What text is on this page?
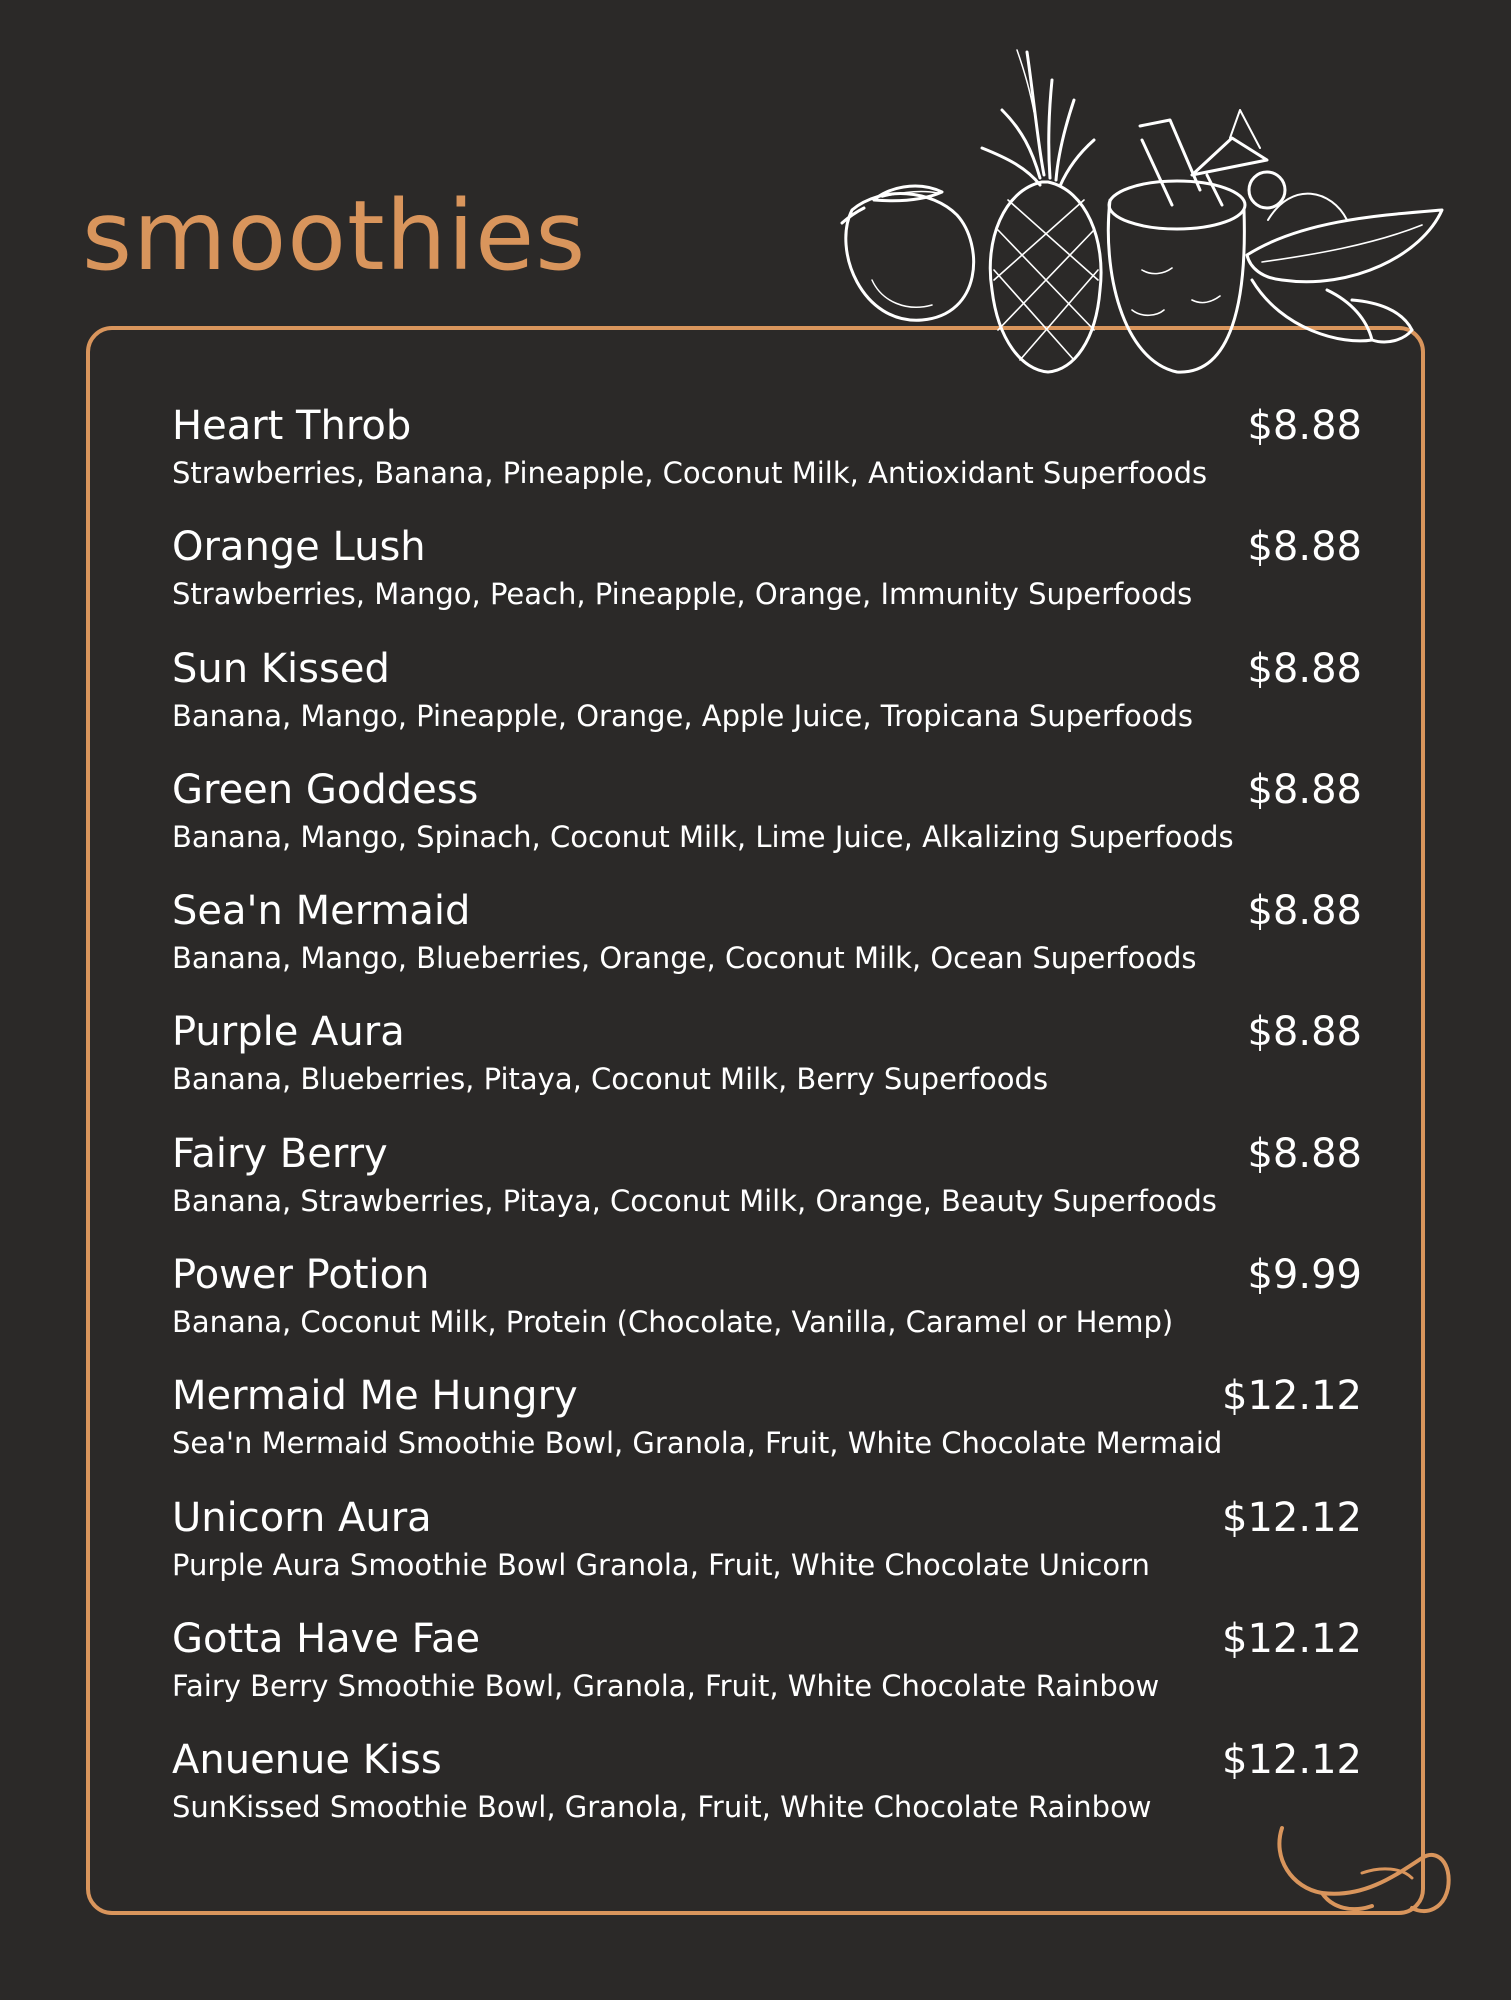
smoothies
Heart Throb	$8.88
Strawberries, Banana, Pineapple, Coconut Milk, Antioxidant Superfoods
Orange Lush	$8.88
Strawberries, Mango, Peach, Pineapple, Orange, Immunity Superfoods
Sun Kissed	$8.88
Banana, Mango, Pineapple, Orange, Apple Juice, Tropicana Superfoods
Green Goddess	$8.88
Banana, Mango, Spinach, Coconut Milk, Lime Juice, Alkalizing Superfoods
Sea'n Mermaid	$8.88
Banana, Mango, Blueberries, Orange, Coconut Milk, Ocean Superfoods
Purple Aura	$8.88
Banana, Blueberries, Pitaya, Coconut Milk, Berry Superfoods
Fairy Berry	$8.88
Banana, Strawberries, Pitaya, Coconut Milk, Orange, Beauty Superfoods
Power Potion	$9.99
Banana, Coconut Milk, Protein (Chocolate, Vanilla, Caramel or Hemp)
Mermaid Me Hungry	$12.12
Sea'n Mermaid Smoothie Bowl, Granola, Fruit, White Chocolate Mermaid
Unicorn Aura	$12.12
Purple Aura Smoothie Bowl Granola, Fruit, White Chocolate Unicorn
Gotta Have Fae	$12.12
Fairy Berry Smoothie Bowl, Granola, Fruit, White Chocolate Rainbow
Anuenue Kiss	$12.12
SunKissed Smoothie Bowl, Granola, Fruit, White Chocolate Rainbow
